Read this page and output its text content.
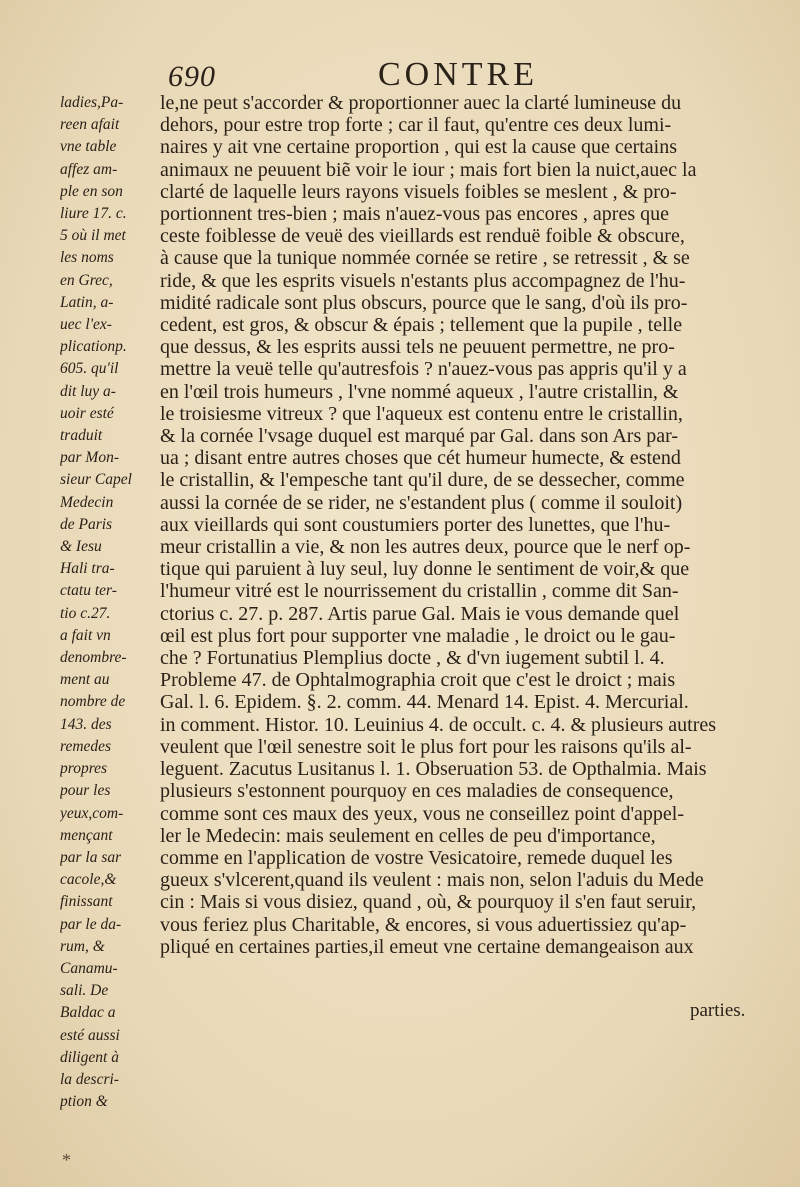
690	CONTRE
ladies,Pa-
reen afait
vne table
affez am-
ple en son
liure 17. c.
5 où il met
les noms
en Grec,
Latin, a-
uec l'ex-
plicationp.
605. qu'il
dit luy a-
uoir esté
traduit
par Mon-
sieur Capel
Medecin
de Paris
& Iesu
Hali tra-
ctatu ter-
tio c.27.
a fait vn
denombre-
ment au
nombre de
143. des
remedes
propres
pour les
yeux,com-
mençant
par la sar
cacole,&
finissant
par le da-
rum, &
Canamu-
sali. De
Baldac a
esté aussi
diligent à
la descri-
ption &
le,ne peut s'accorder & proportionner auec la clarté lumineuse du
dehors, pour estre trop forte ; car il faut, qu'entre ces deux lumi-
naires y ait vne certaine proportion , qui est la cause que certains
animaux ne peuuent biẽ voir le iour ; mais fort bien la nuict,auec la
clarté de laquelle leurs rayons visuels foibles se meslent , & pro-
portionnent tres-bien ; mais n'auez-vous pas encores , apres que
ceste foiblesse de veuë des vieillards est renduë foible & obscure,
à cause que la tunique nommée cornée se retire , se retressit , & se
ride, & que les esprits visuels n'estants plus accompagnez de l'hu-
midité radicale sont plus obscurs, pource que le sang, d'où ils pro-
cedent, est gros, & obscur & épais ; tellement que la pupile , telle
que dessus, & les esprits aussi tels ne peuuent permettre, ne pro-
mettre la veuë telle qu'autresfois ? n'auez-vous pas appris qu'il y a
en l'œil trois humeurs , l'vne nommé aqueux , l'autre cristallin, &
le troisiesme vitreux ? que l'aqueux est contenu entre le cristallin,
& la cornée l'vsage duquel est marqué par Gal. dans son Ars par-
ua ; disant entre autres choses que cét humeur humecte, & estend
le cristallin, & l'empesche tant qu'il dure, de se dessecher, comme
aussi la cornée de se rider, ne s'estandent plus ( comme il souloit)
aux vieillards qui sont coustumiers porter des lunettes, que l'hu-
meur cristallin a vie, & non les autres deux, pource que le nerf op-
tique qui paruient à luy seul, luy donne le sentiment de voir,& que
l'humeur vitré est le nourrissement du cristallin , comme dit San-
ctorius c. 27. p. 287. Artis parue Gal. Mais ie vous demande quel
œil est plus fort pour supporter vne maladie , le droict ou le gau-
che ? Fortunatius Plemplius docte , & d'vn iugement subtil l. 4.
Probleme 47. de Ophtalmographia croit que c'est le droict ; mais
Gal. l. 6. Epidem. §. 2. comm. 44. Menard 14. Epist. 4. Mercurial.
in comment. Histor. 10. Leuinius 4. de occult. c. 4. & plusieurs autres
veulent que l'œil senestre soit le plus fort pour les raisons qu'ils al-
leguent. Zacutus Lusitanus l. 1. Obseruation 53. de Opthalmia. Mais
plusieurs s'estonnent pourquoy en ces maladies de consequence,
comme sont ces maux des yeux, vous ne conseillez point d'appel-
ler le Medecin: mais seulement en celles de peu d'importance,
comme en l'application de vostre Vesicatoire, remede duquel les
gueux s'vlcerent,quand ils veulent : mais non, selon l'aduis du Mede
cin : Mais si vous disiez, quand , où, & pourquoy il s'en faut seruir,
vous feriez plus Charitable, & encores, si vous aduertissiez qu'ap-
pliqué en certaines parties,il emeut vne certaine demangeaison aux
parties.
*
